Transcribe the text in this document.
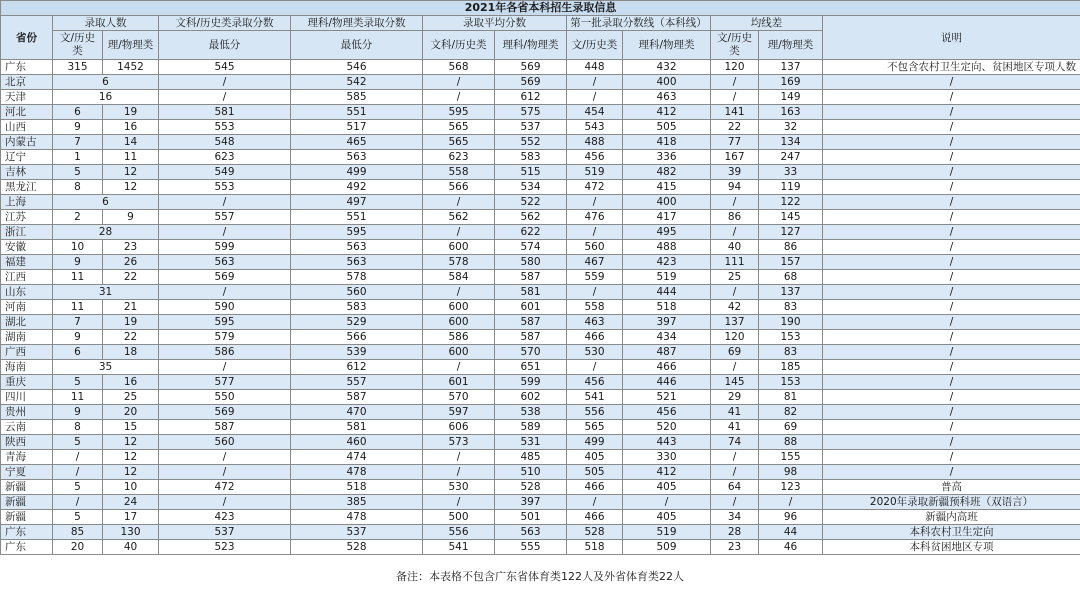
2021年各省本科招生录取信息											
省份	录取人数		文科/历史类录取分数	理科/物理类录取分数	录取平均分数		第一批录取分数线（本科线）		均线差		说明
	文/历史类	理/物理类	最低分	最低分	文科/历史类	理科/物理类	文/历史类	理科/物理类	文/历史类	理/物理类	
广东	315	1452	545	546	568	569	448	432	120	137	不包含农村卫生定向、贫困地区专项人数
北京	6		/	542	/	569	/	400	/	169	/
天津	16		/	585	/	612	/	463	/	149	/
河北	6	19	581	551	595	575	454	412	141	163	/
山西	9	16	553	517	565	537	543	505	22	32	/
内蒙古	7	14	548	465	565	552	488	418	77	134	/
辽宁	1	11	623	563	623	583	456	336	167	247	/
吉林	5	12	549	499	558	515	519	482	39	33	/
黑龙江	8	12	553	492	566	534	472	415	94	119	/
上海	6		/	497	/	522	/	400	/	122	/
江苏	2	9	557	551	562	562	476	417	86	145	/
浙江	28		/	595	/	622	/	495	/	127	/
安徽	10	23	599	563	600	574	560	488	40	86	/
福建	9	26	563	563	578	580	467	423	111	157	/
江西	11	22	569	578	584	587	559	519	25	68	/
山东	31		/	560	/	581	/	444	/	137	/
河南	11	21	590	583	600	601	558	518	42	83	/
湖北	7	19	595	529	600	587	463	397	137	190	/
湖南	9	22	579	566	586	587	466	434	120	153	/
广西	6	18	586	539	600	570	530	487	69	83	/
海南	35		/	612	/	651	/	466	/	185	/
重庆	5	16	577	557	601	599	456	446	145	153	/
四川	11	25	550	587	570	602	541	521	29	81	/
贵州	9	20	569	470	597	538	556	456	41	82	/
云南	8	15	587	581	606	589	565	520	41	69	/
陕西	5	12	560	460	573	531	499	443	74	88	/
青海	/	12	/	474	/	485	405	330	/	155	/
宁夏	/	12	/	478	/	510	505	412	/	98	/
新疆	5	10	472	518	530	528	466	405	64	123	普高
新疆	/	24	/	385	/	397	/	/	/	/	2020年录取新疆预科班（双语言）
新疆	5	17	423	478	500	501	466	405	34	96	新疆内高班
广东	85	130	537	537	556	563	528	519	28	44	本科农村卫生定向
广东	20	40	523	528	541	555	518	509	23	46	本科贫困地区专项
备注：本表格不包含广东省体育类122人及外省体育类22人
